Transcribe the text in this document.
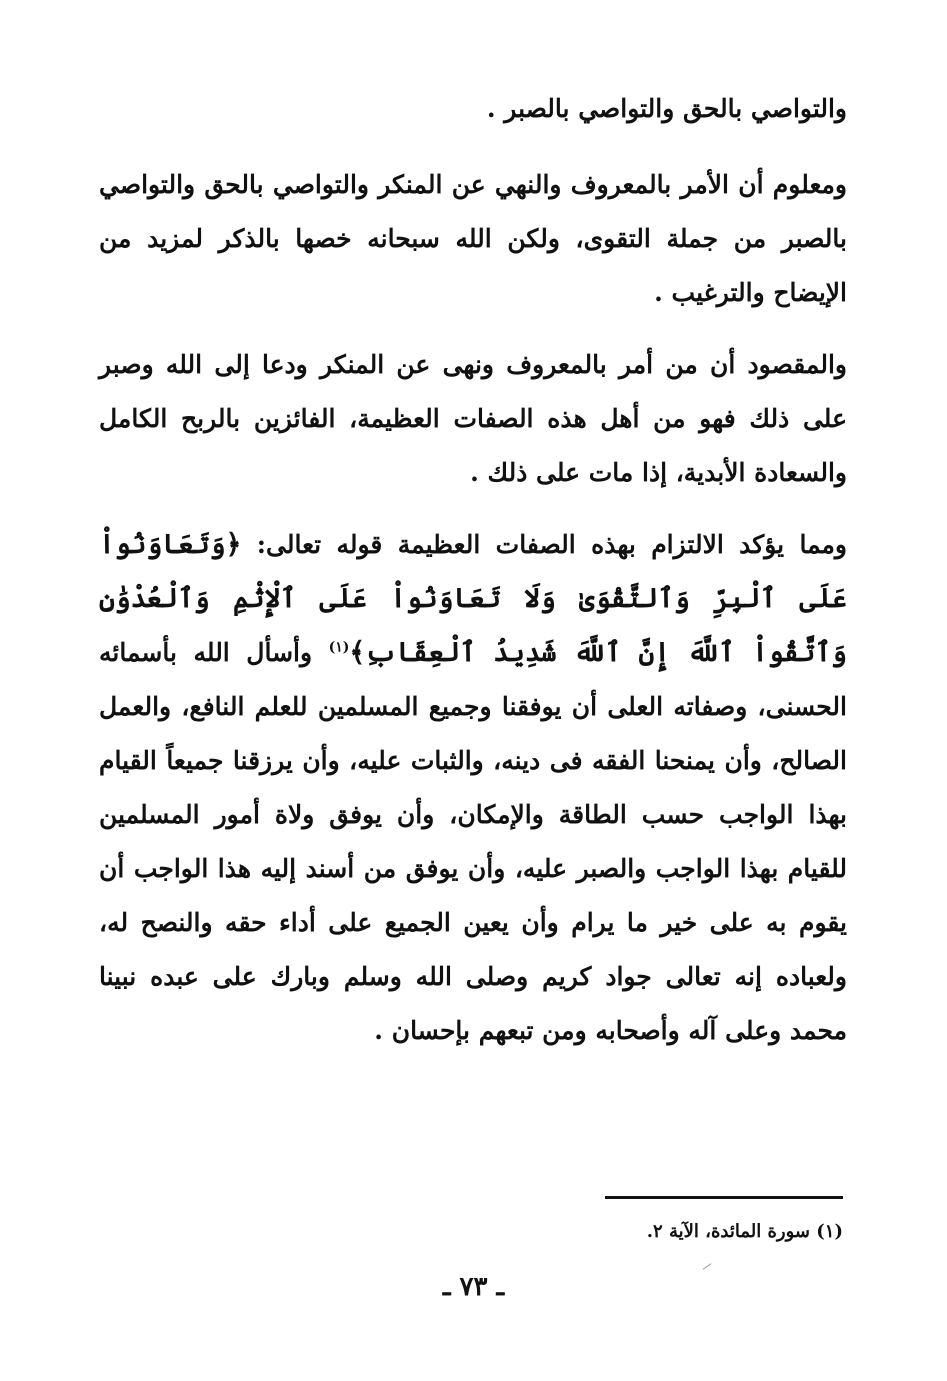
والتواصي بالحق والتواصي بالصبر .

ومعلوم أن الأمر بالمعروف والنهي عن المنكر والتواصي بالحق والتواصي بالصبر من جملة التقوى، ولكن الله سبحانه خصها بالذكر لمزيد من الإيضاح والترغيب .

والمقصود أن من أمر بالمعروف ونهى عن المنكر ودعا إلى الله وصبر على ذلك فهو من أهل هذه الصفات العظيمة، الفائزين بالربح الكامل والسعادة الأبدية، إذا مات على ذلك .

ومما يؤكد الالتزام بهذه الصفات العظيمة قوله تعالى: ﴿وَتَعَاوَنُواْ عَلَى ٱلْبِرِّ وَٱلتَّقْوَىٰ وَلَا تَعَاوَنُواْ عَلَى ٱلْإِثْمِ وَٱلْعُدْوَٰنِ وَٱتَّقُواْ ٱللَّهَ إِنَّ ٱللَّهَ شَدِيدُ ٱلْعِقَابِ﴾$^{(١)}$ وأسأل الله بأسمائه الحسنى، وصفاته العلى أن يوفقنا وجميع المسلمين للعلم النافع، والعمل الصالح، وأن يمنحنا الفقه فى دينه، والثبات عليه، وأن يرزقنا جميعاً القيام بهذا الواجب حسب الطاقة والإمكان، وأن يوفق ولاة أمور المسلمين للقيام بهذا الواجب والصبر عليه، وأن يوفق من أسند إليه هذا الواجب أن يقوم به على خير ما يرام وأن يعين الجميع على أداء حقه والنصح له، ولعباده إنه تعالى جواد كريم وصلى الله وسلم وبارك على عبده نبينا محمد وعلى آله وأصحابه ومن تبعهم بإحسان .

(١) سورة المائدة، الآية ٢.
ـ ٧٣ ـ
